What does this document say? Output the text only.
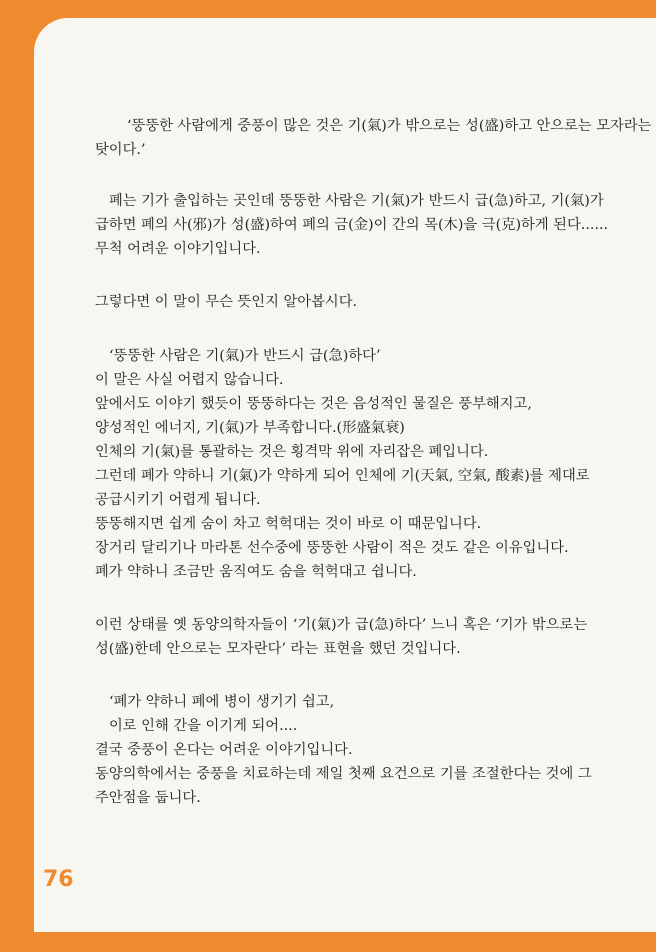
‘뚱뚱한 사람에게 중풍이 많은 것은 기(氣)가 밖으로는 성(盛)하고 안으로는 모자라는

탓이다.’

폐는 기가 출입하는 곳인데 뚱뚱한 사람은 기(氣)가 반드시 급(急)하고, 기(氣)가

급하면 폐의 사(邪)가 성(盛)하여 폐의 금(金)이 간의 목(木)을 극(克)하게 된다......

무척 어려운 이야기입니다.

그렇다면 이 말이 무슨 뜻인지 알아봅시다.

‘뚱뚱한 사람은 기(氣)가 반드시 급(急)하다’

이 말은 사실 어렵지 않습니다.

앞에서도 이야기 했듯이 뚱뚱하다는 것은 음성적인 물질은 풍부해지고,

양성적인 에너지, 기(氣)가 부족합니다.(形盛氣衰)

인체의 기(氣)를 통괄하는 것은 횡격막 위에 자리잡은 폐입니다.

그런데 폐가 약하니 기(氣)가 약하게 되어 인체에 기(天氣, 空氣, 酸素)를 제대로

공급시키기 어렵게 됩니다.

뚱뚱해지면 쉽게 숨이 차고 헉헉대는 것이 바로 이 때문입니다.

장거리 달리기나 마라톤 선수중에 뚱뚱한 사람이 적은 것도 같은 이유입니다.

폐가 약하니 조금만 움직여도 숨을 헉헉대고 쉽니다.

이런 상태를 옛 동양의학자들이 ‘기(氣)가 급(急)하다’ 느니 혹은 ‘기가 밖으로는

성(盛)한데 안으로는 모자란다’ 라는 표현을 했던 것입니다.

‘폐가 약하니 폐에 병이 생기기 쉽고,

이로 인해 간을 이기게 되어....

결국 중풍이 온다는 어려운 이야기입니다.

동양의학에서는 중풍을 치료하는데 제일 첫째 요건으로 기를 조절한다는 것에 그

주안점을 둡니다.

76
